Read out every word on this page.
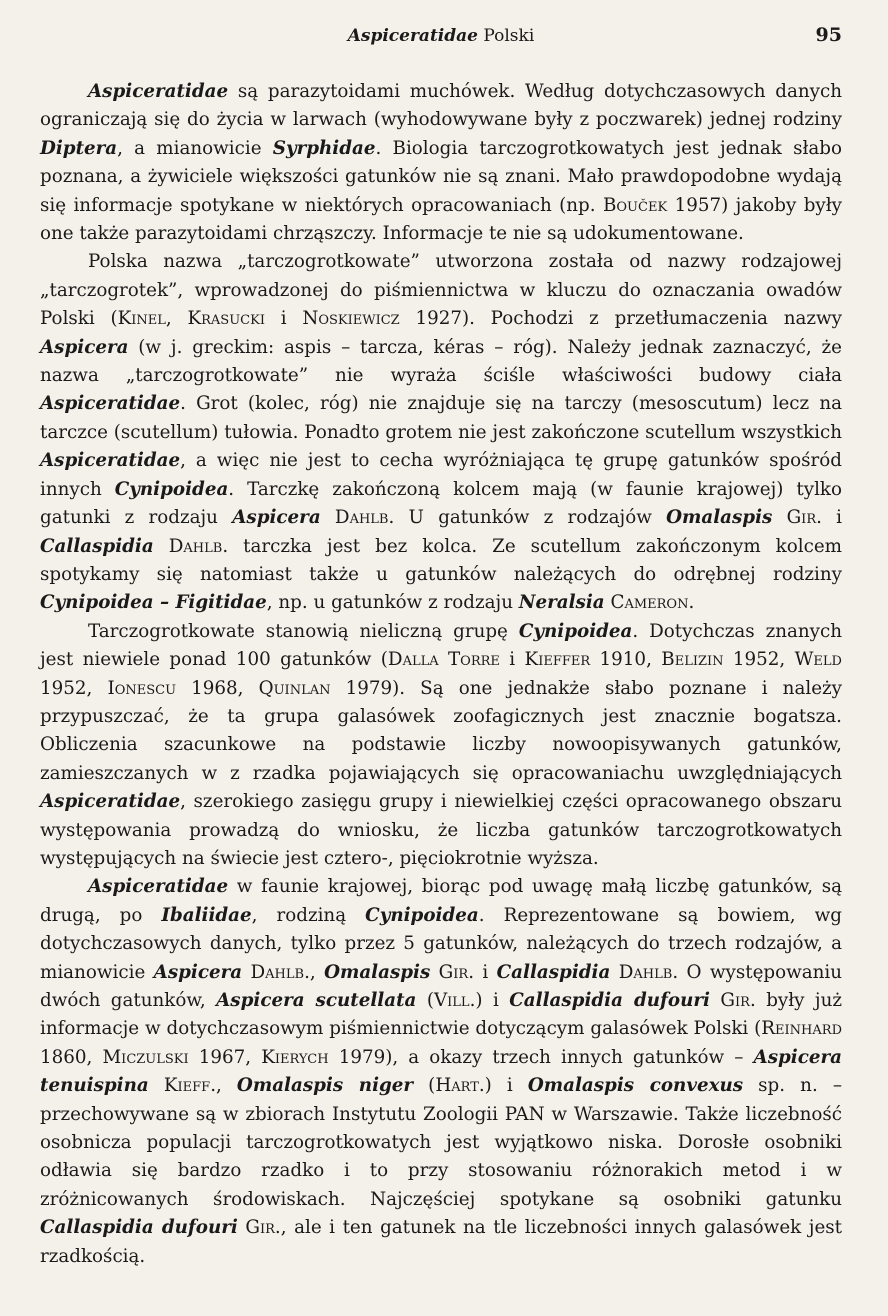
Aspiceratidae Polski	95

Aspiceratidae są parazytoidami muchówek. Według dotychczasowych danych ograniczają się do życia w larwach (wyhodowywane były z poczwarek) jednej rodziny Diptera, a mianowicie Syrphidae. Biologia tarczogrotkowatych jest jednak słabo poznana, a żywiciele większości gatunków nie są znani. Mało prawdopodobne wydają się informacje spotykane w niektórych opracowaniach (np. Bouček 1957) jakoby były one także parazytoidami chrząszczy. Informacje te nie są udokumentowane.

Polska nazwa „tarczogrotkowate” utworzona została od nazwy rodzajowej „tarczogrotek”, wprowadzonej do piśmiennictwa w kluczu do oznaczania owadów Polski (Kinel, Krasucki i Noskiewicz 1927). Pochodzi z przetłumaczenia nazwy Aspicera (w j. greckim: aspis – tarcza, kéras – róg). Należy jednak zaznaczyć, że nazwa „tarczogrotkowate” nie wyraża ściśle właściwości budowy ciała Aspiceratidae. Grot (kolec, róg) nie znajduje się na tarczy (mesoscutum) lecz na tarczce (scutellum) tułowia. Ponadto grotem nie jest zakończone scutellum wszystkich Aspiceratidae, a więc nie jest to cecha wyróżniająca tę grupę gatunków spośród innych Cynipoidea. Tarczkę zakończoną kolcem mają (w faunie krajowej) tylko gatunki z rodzaju Aspicera Dahlb. U gatunków z rodzajów Omalaspis Gir. i Callaspidia Dahlb. tarczka jest bez kolca. Ze scutellum zakończonym kolcem spotykamy się natomiast także u gatunków należących do odrębnej rodziny Cynipoidea – Figitidae, np. u gatunków z rodzaju Neralsia Cameron.

Tarczogrotkowate stanowią nieliczną grupę Cynipoidea. Dotychczas znanych jest niewiele ponad 100 gatunków (Dalla Torre i Kieffer 1910, Belizin 1952, Weld 1952, Ionescu 1968, Quinlan 1979). Są one jednakże słabo poznane i należy przypuszczać, że ta grupa galasówek zoofagicznych jest znacznie bogatsza. Obliczenia szacunkowe na podstawie liczby nowoopisywanych gatunków, zamieszczanych w z rzadka pojawiających się opracowaniachu uwzględniających Aspiceratidae, szerokiego zasięgu grupy i niewielkiej części opracowanego obszaru występowania prowadzą do wniosku, że liczba gatunków tarczogrotkowatych występujących na świecie jest cztero-, pięciokrotnie wyższa.

Aspiceratidae w faunie krajowej, biorąc pod uwagę małą liczbę gatunków, są drugą, po Ibaliidae, rodziną Cynipoidea. Reprezentowane są bowiem, wg dotychczasowych danych, tylko przez 5 gatunków, należących do trzech rodzajów, a mianowicie Aspicera Dahlb., Omalaspis Gir. i Callaspidia Dahlb. O występowaniu dwóch gatunków, Aspicera scutellata (Vill.) i Callaspidia dufouri Gir. były już informacje w dotychczasowym piśmiennictwie dotyczącym galasówek Polski (Reinhard 1860, Miczulski 1967, Kierych 1979), a okazy trzech innych gatunków – Aspicera tenuispina Kieff., Omalaspis niger (Hart.) i Omalaspis convexus sp. n. – przechowywane są w zbiorach Instytutu Zoologii PAN w Warszawie. Także liczebność osobnicza populacji tarczogrotkowatych jest wyjątkowo niska. Dorosłe osobniki odławia się bardzo rzadko i to przy stosowaniu różnorakich metod i w zróżnicowanych środowiskach. Najczęściej spotykane są osobniki gatunku Callaspidia dufouri Gir., ale i ten gatunek na tle liczebności innych galasówek jest rzadkością.
